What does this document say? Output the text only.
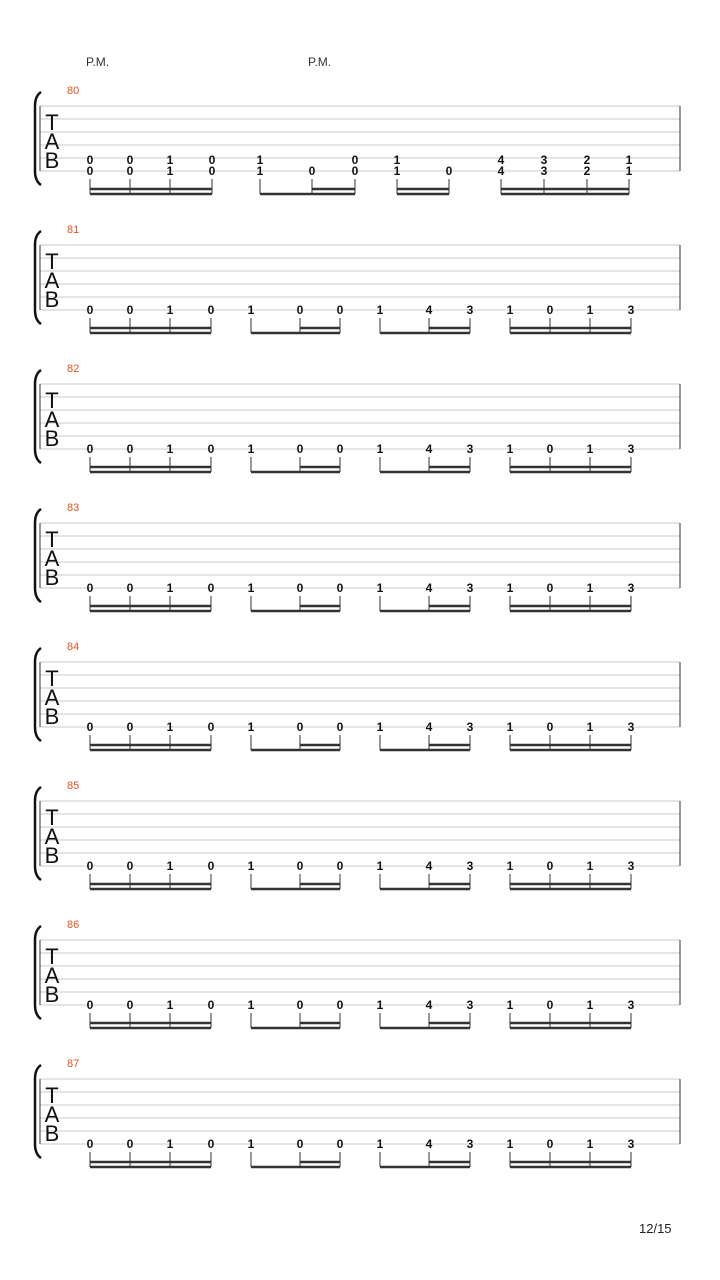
P.M.	P.M.
T
A
B
80
0
0
0
0
1
1
0
0
1
1	0
0
0
1
1	0
4
4
3
3
2
2
1
1
T
A
B
81
0	0	1	0	1	0	0	1	4	3	1	0	1	3
T
A
B
82
0	0	1	0	1	0	0	1	4	3	1	0	1	3
T
A
B
83
0	0	1	0	1	0	0	1	4	3	1	0	1	3
T
A
B
84
0	0	1	0	1	0	0	1	4	3	1	0	1	3
T
A
B
85
0	0	1	0	1	0	0	1	4	3	1	0	1	3
T
A
B
86
0	0	1	0	1	0	0	1	4	3	1	0	1	3
T
A
B
87
0	0	1	0	1	0	0	1	4	3	1	0	1	3
12/15
